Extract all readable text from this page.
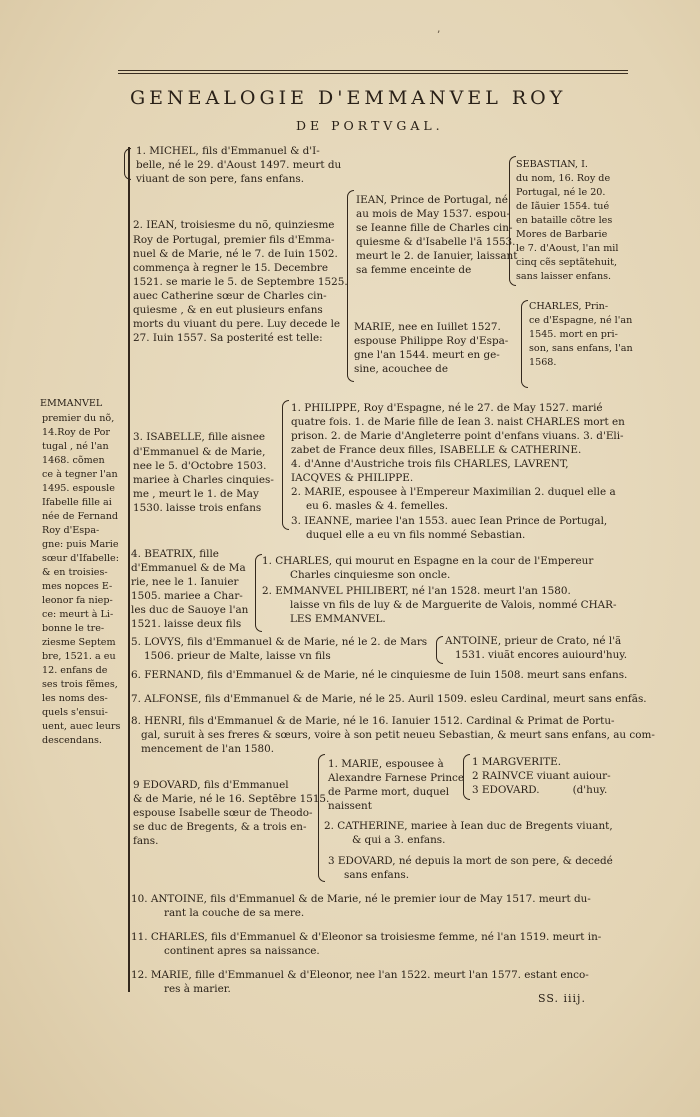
’
GENEALOGIE D'EMMANVEL ROY
DE PORTVGAL.
EMMANVEL
premier du nõ,
14.Roy de Por
tugal , né l'an
1468. cõmen
ce à tegner l'an
1495. espousle
Ifabelle fille ai
née de Fernand
Roy d'Espa-
gne: puis Marie
sœur d'Ifabelle:
& en troisies-
mes nopces E-
leonor fa niep-
ce: meurt à Li-
bonne le tre-
ziesme Septem
bre, 1521. a eu
12. enfans de
ses trois fẽmes,
les noms des-
quels s'ensui-
uent, auec leurs
descendans.
1. MICHEL, fils d'Emmanuel & d'I-
belle, né le 29. d'Aoust 1497. meurt du
viuant de son pere, fans enfans.
SEBASTIAN, I.
du nom, 16. Roy de
Portugal, né le 20.
de Iãuier 1554. tué
en bataille cõtre les
Mores de Barbarie
le 7. d'Aoust, l'an mil
cinq cẽs septãtehuit,
sans laisser enfans.
IEAN, Prince de Portugal, né
au mois de May 1537. espou-
se Ieanne fille de Charles cin-
quiesme & d'Isabelle l'ã 1553.
meurt le 2. de Ianuier, laissant
sa femme enceinte de
2. IEAN, troisiesme du nõ, quinziesme
Roy de Portugal, premier fils d'Emma-
nuel & de Marie, né le 7. de Iuin 1502.
commença à regner le 15. Decembre
1521. se marie le 5. de Septembre 1525.
auec Catherine sœur de Charles cin-
quiesme , & en eut plusieurs enfans
morts du viuant du pere. Luy decede le
27. Iuin 1557. Sa posterité est telle:
CHARLES, Prin-
ce d'Espagne, né l'an
1545. mort en pri-
son, sans enfans, l'an
1568.
MARIE, nee en Iuillet 1527.
espouse Philippe Roy d'Espa-
gne l'an 1544. meurt en ge-
sine, acouchee de
1. PHILIPPE, Roy d'Espagne, né le 27. de May 1527. marié
quatre fois. 1. de Marie fille de Iean 3. naist CHARLES mort en
prison. 2. de Marie d'Angleterre point d'enfans viuans. 3. d'Eli-
zabet de France deux filles, ISABELLE & CATHERINE.
4. d'Anne d'Austriche trois fils CHARLES, LAVRENT,
IACQVES & PHILIPPE.
3. ISABELLE, fille aisnee
d'Emmanuel & de Marie,
nee le 5. d'Octobre 1503.
mariee à Charles cinquies-
me , meurt le 1. de May
1530. laisse trois enfans
2. MARIE, espousee à l'Empereur Maximilian 2. duquel elle a
eu 6. masles & 4. femelles.
3. IEANNE, mariee l'an 1553. auec Iean Prince de Portugal,
duquel elle a eu vn fils nommé Sebastian.
4. BEATRIX, fille
d'Emmanuel & de Ma
rie, nee le 1. Ianuier
1505. mariee a Char-
les duc de Sauoye l'an
1521. laisse deux fils
1. CHARLES, qui mourut en Espagne en la cour de l'Empereur
Charles cinquiesme son oncle.
2. EMMANVEL PHILIBERT, né l'an 1528. meurt l'an 1580.
laisse vn fils de luy & de Marguerite de Valois, nommé CHAR-
LES EMMANVEL.
5. LOVYS, fils d'Emmanuel & de Marie, né le 2. de Mars
1506. prieur de Malte, laisse vn fils
ANTOINE, prieur de Crato, né l'ã
1531. viuãt encores auiourd'huy.
6. FERNAND, fils d'Emmanuel & de Marie, né le cinquiesme de Iuin 1508. meurt sans enfans.
7. ALFONSE, fils d'Emmanuel & de Marie, né le 25. Auril 1509. esleu Cardinal, meurt sans enfãs.
8. HENRI, fils d'Emmanuel & de Marie, né le 16. Ianuier 1512. Cardinal & Primat de Portu-
gal, suruit à ses freres & sœurs, voire à son petit neueu Sebastian, & meurt sans enfans, au com-
mencement de l'an 1580.
1. MARIE, espousee à
Alexandre Farnese Prince
de Parme mort, duquel
naissent
1 MARGVERITE.
2 RAINVCE viuant auiour-
3 EDOVARD.          (d'huy.
9 EDOVARD, fils d'Emmanuel
& de Marie, né le 16. Septẽbre 1515.
espouse Isabelle sœur de Theodo-
se duc de Bregents, & a trois en-
fans.
2. CATHERINE, mariee à Iean duc de Bregents viuant,
& qui a 3. enfans.
3 EDOVARD, né depuis la mort de son pere, & decedé
sans enfans.
10. ANTOINE, fils d'Emmanuel & de Marie, né le premier iour de May 1517. meurt du-
rant la couche de sa mere.
11. CHARLES, fils d'Emmanuel & d'Eleonor sa troisiesme femme, né l'an 1519. meurt in-
continent apres sa naissance.
12. MARIE, fille d'Emmanuel & d'Eleonor, nee l'an 1522. meurt l'an 1577. estant enco-
res à marier.
SS. iiij.
